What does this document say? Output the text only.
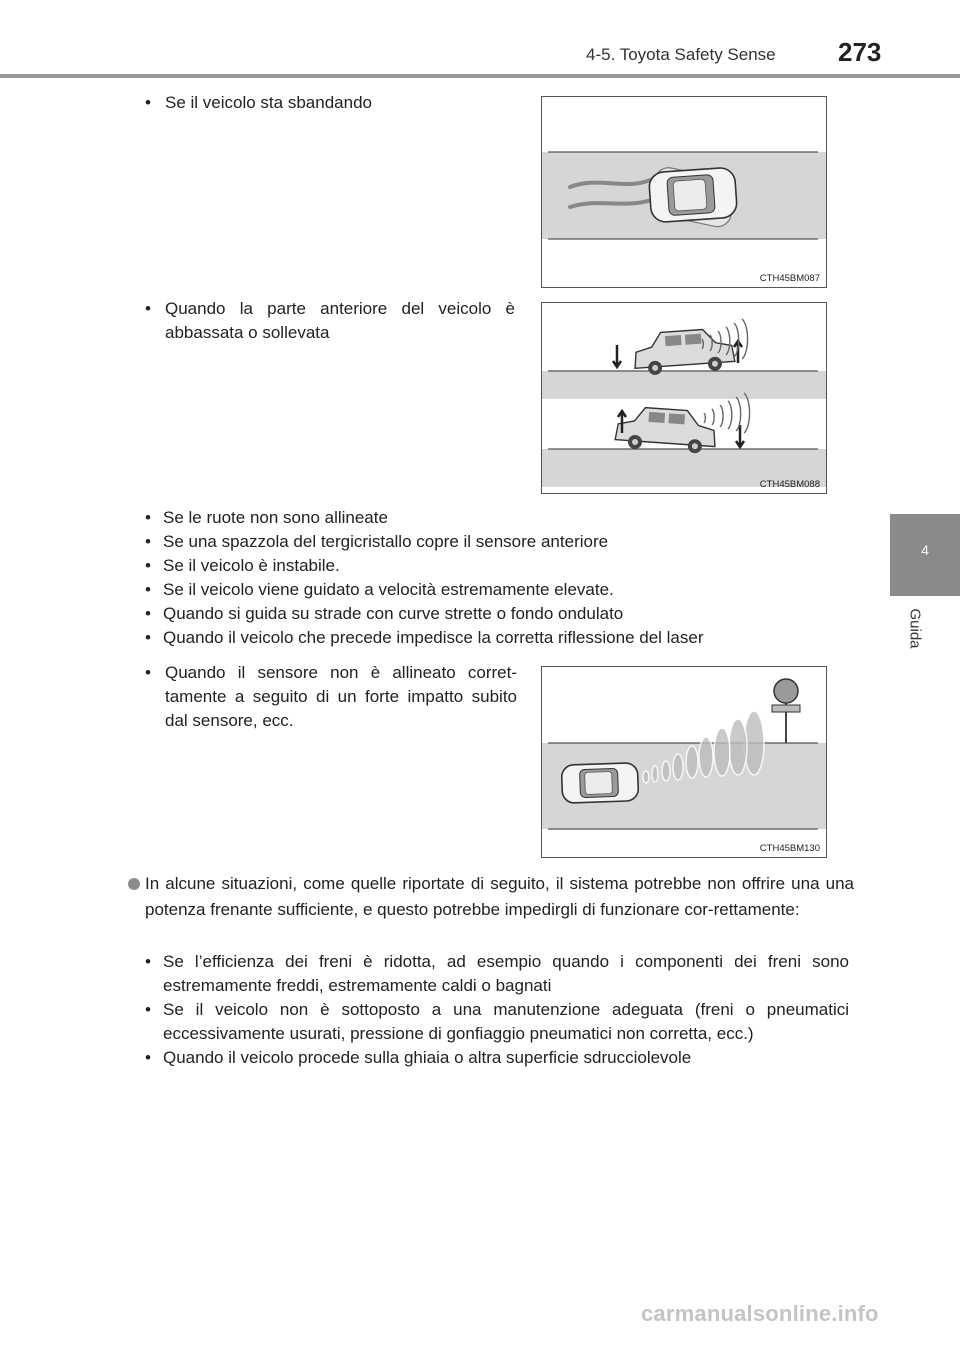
4-5. Toyota Safety Sense 273
4
Guida
• Se il veicolo sta sbandando
CTH45BM087
• Quando la parte anteriore del veicolo è abbassata o sollevata
CTH45BM088
• Se le ruote non sono allineate
• Se una spazzola del tergicristallo copre il sensore anteriore
• Se il veicolo è instabile.
• Se il veicolo viene guidato a velocità estremamente elevate.
• Quando si guida su strade con curve strette o fondo ondulato
• Quando il veicolo che precede impedisce la corretta riflessione del laser
• Quando il sensore non è allineato corret-tamente a seguito di un forte impatto subito dal sensore, ecc.
CTH45BM130
In alcune situazioni, come quelle riportate di seguito, il sistema potrebbe non offrire una una potenza frenante sufficiente, e questo potrebbe impedirgli di funzionare cor-rettamente:
• Se l’efficienza dei freni è ridotta, ad esempio quando i componenti dei freni sono estremamente freddi, estremamente caldi o bagnati
• Se il veicolo non è sottoposto a una manutenzione adeguata (freni o pneumatici eccessivamente usurati, pressione di gonfiaggio pneumatici non corretta, ecc.)
• Quando il veicolo procede sulla ghiaia o altra superficie sdrucciolevole
carmanualsonline.info
